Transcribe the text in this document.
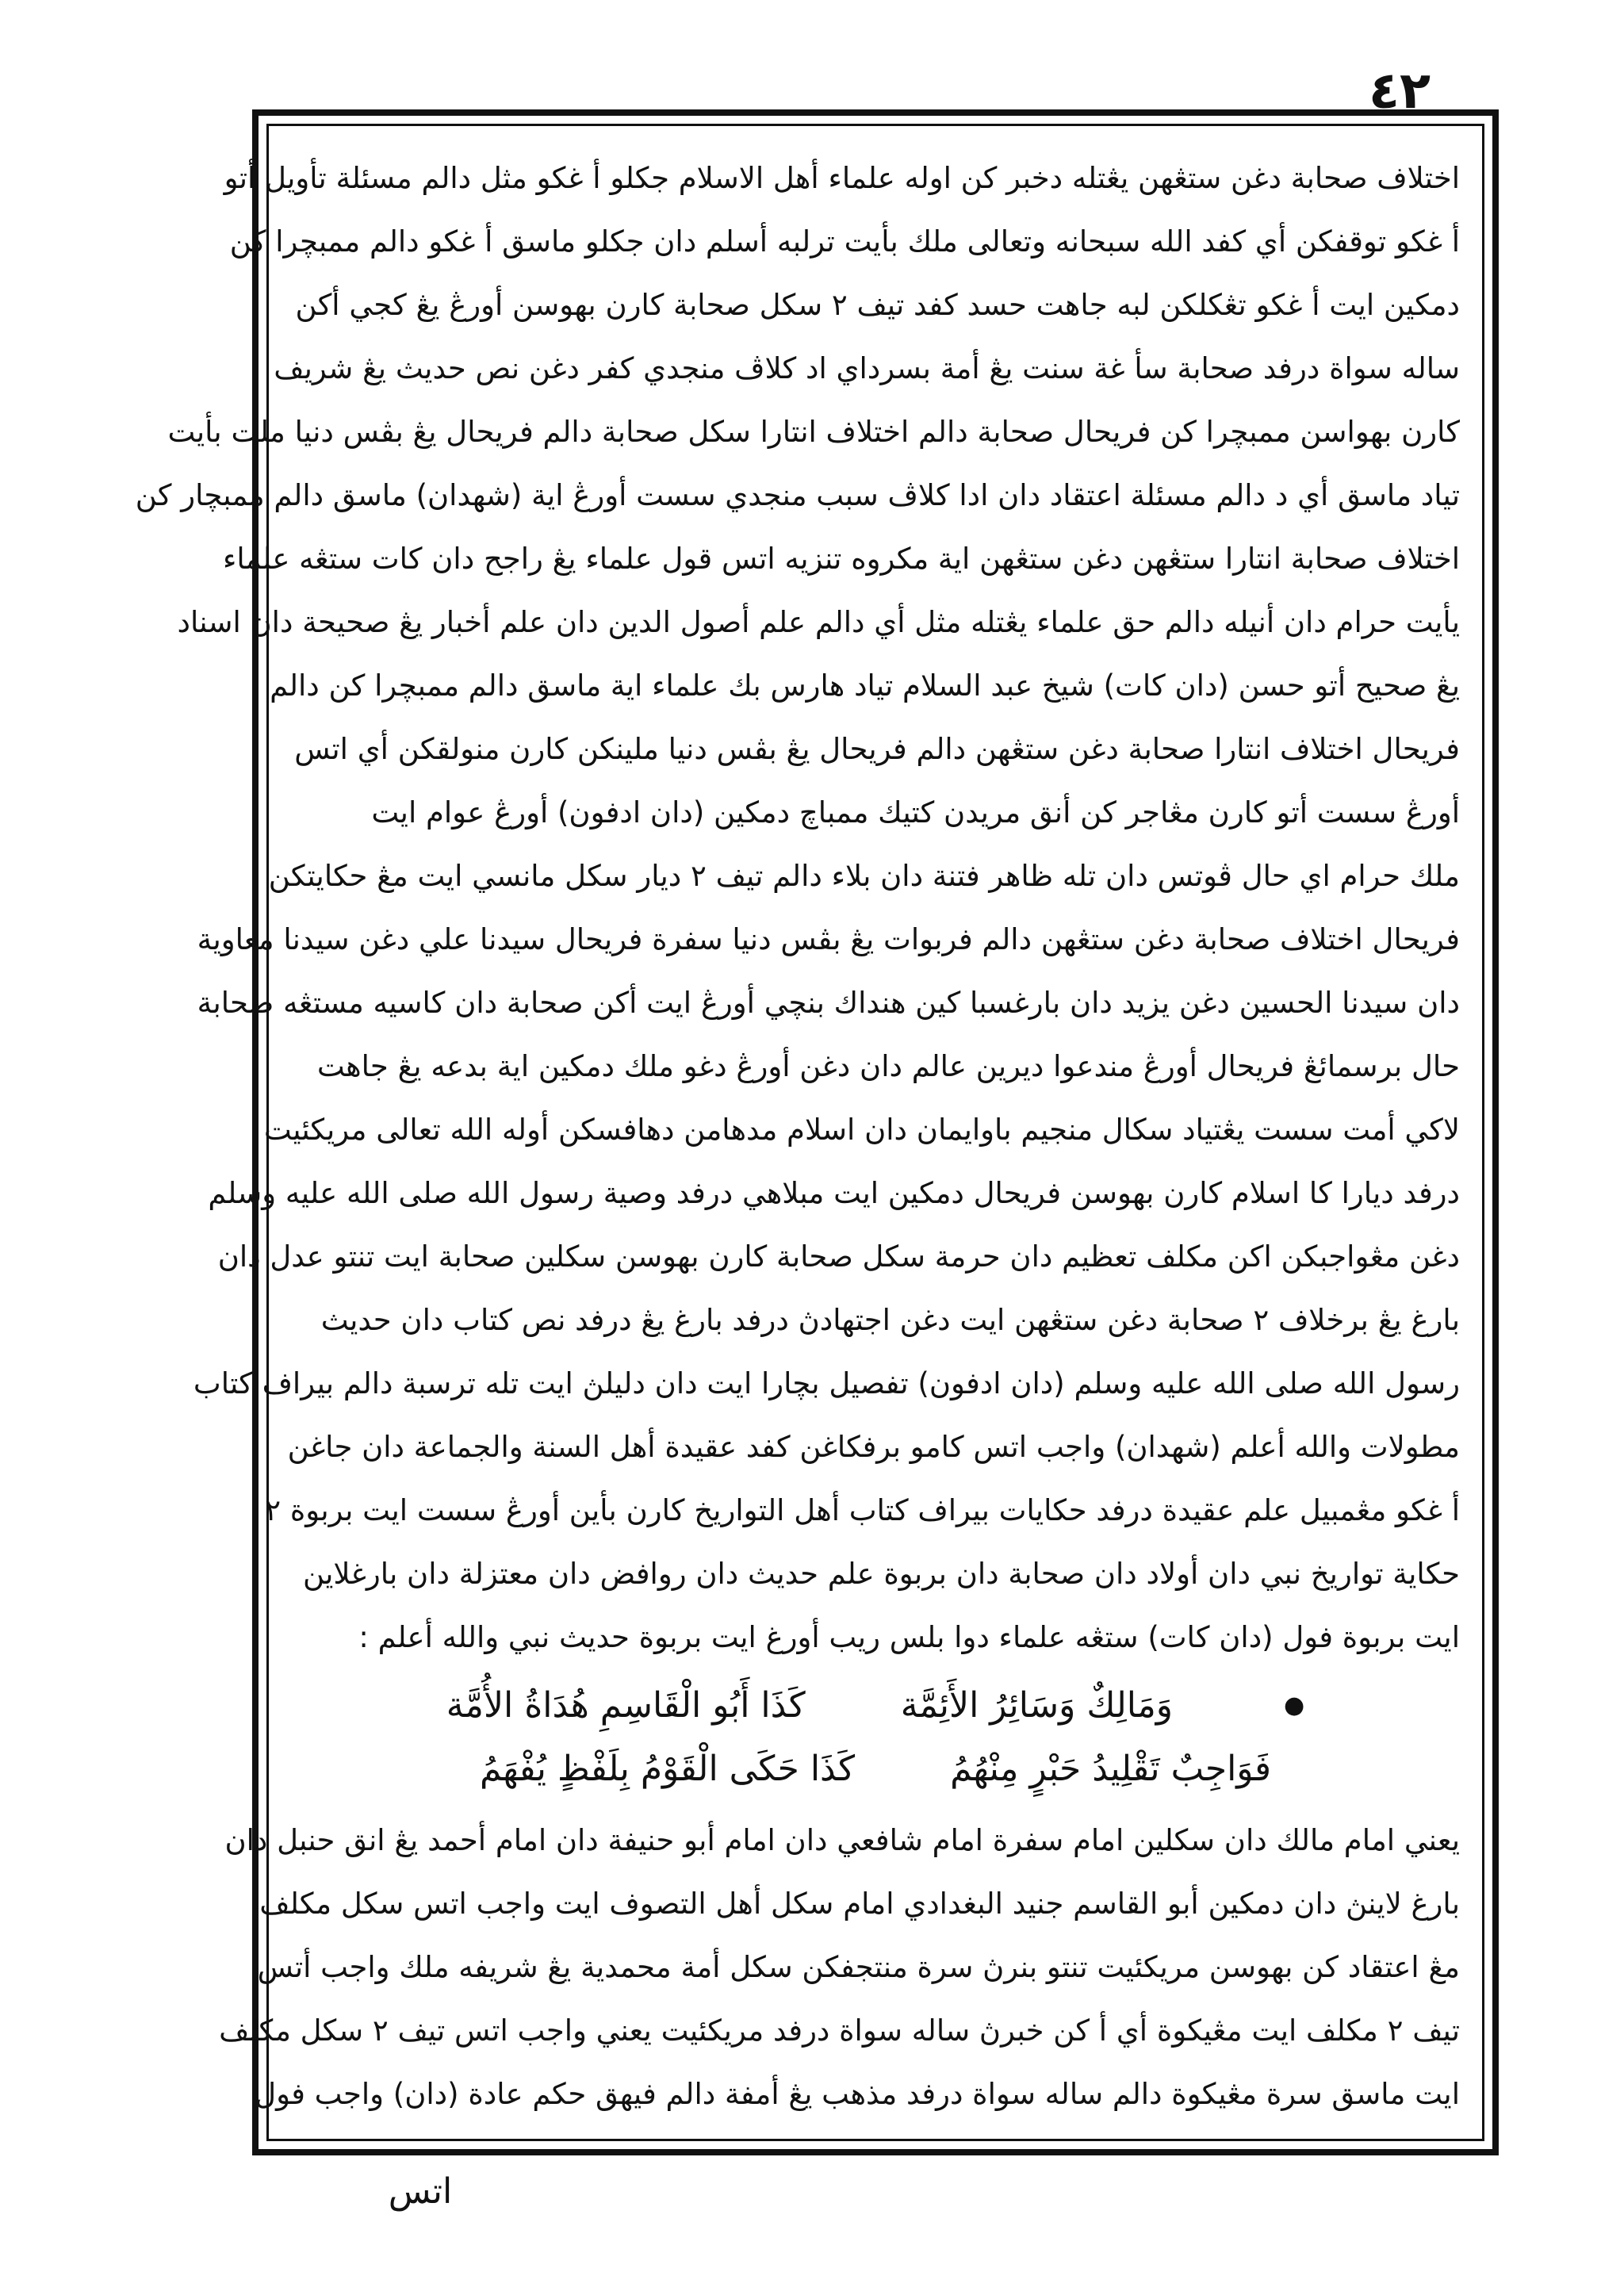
٤٢
اختلاف صحابة دغن ستڠهن يڠتله دخبر كن اوله علماء أهل الاسلام جكلو أ غكو مثل دالم مسئلة تأويل أتو
أ غكو توقفكن أي كفد الله سبحانه وتعالى ملك بأيت ترلبه أسلم دان جكلو ماسق أ غكو دالم ممبچرا كن
دمكين ايت أ غكو تڠكلكن لبه جاهت حسد كفد تيف ٢ سكل صحابة كارن بهوسن أورڠ يڠ كجي أكن
ساله سواة درفد صحابة سأ غة سنت يڠ أمة بسرداي اد كلاڤ منجدي كفر دغن نص حديث يڠ شريف
كارن بهواسن ممبچرا كن فريحال صحابة دالم اختلاف انتارا سكل صحابة دالم فريحال يڠ بڤس دنيا ملت بأيت
تياد ماسق أي د دالم مسئلة اعتقاد دان ادا كلاڤ سبب منجدي سست أورڠ اية (شهدان) ماسق دالم ممبچار كن
اختلاف صحابة انتارا ستڠهن دغن ستڠهن اية مكروه تنزيه اتس قول علماء يڠ راجح دان كات ستڠه علماء
يأيت حرام دان أنيله دالم حق علماء يڠتله مثل أي دالم علم أصول الدين دان علم أخبار يڠ صحيحة دان اسناد
يڠ صحيح أتو حسن (دان كات) شيخ عبد السلام تياد هارس بك علماء اية ماسق دالم ممبچرا كن دالم
فريحال اختلاف انتارا صحابة دغن ستڠهن دالم فريحال يڠ بڤس دنيا ملينكن كارن منولقكن أي اتس
أورڠ سست أتو كارن مڠاجر كن أنق مريدن كتيك ممباچ دمكين (دان ادفون) أورڠ عوام ايت
ملك حرام اي حال ڤوتس دان تله ظاهر فتنة دان بلاء دالم تيف ٢ ديار سكل مانسي ايت مڠ حكايتكن
فريحال اختلاف صحابة دغن ستڠهن دالم فربوات يڠ بڤس دنيا سفرة فريحال سيدنا علي دغن سيدنا معاوية
دان سيدنا الحسين دغن يزيد دان بارغسبا كين هنداك بنچي أورڠ ايت أكن صحابة دان كاسيه مستڠه صحابة
حال برسمائڠ فريحال أورڠ مندعوا ديرين عالم دان دغن أورڠ دغو ملك دمكين اية بدعه يڠ جاهت
لاكي أمت سست يڠتياد سكال منجيم باوايمان دان اسلام مدهامن دهافسكن أوله الله تعالى مريكئيت
درفد ديارا كا اسلام كارن بهوسن فريحال دمكين ايت مبلاهي درفد وصية رسول الله صلى الله عليه وسلم
دغن مڠواجبكن اكن مكلف تعظيم دان حرمة سكل صحابة كارن بهوسن سكلين صحابة ايت تنتو عدل دان
بارغ يڠ برخلاف ٢ صحابة دغن ستڠهن ايت دغن اجتهادڽ درفد بارغ يڠ درفد نص كتاب دان حديث
رسول الله صلى الله عليه وسلم (دان ادفون) تفصيل بچارا ايت دان دليلڽ ايت تله ترسبة دالم بيراف كتاب
مطولات والله أعلم (شهدان) واجب اتس كامو برفكاغن كفد عقيدة أهل السنة والجماعة دان جاغن
أ غكو مڠمبيل علم عقيدة درفد حكايات بيراف كتاب أهل التواريخ كارن بأين أورڠ سست ايت بربوة ٢
حكاية تواريخ نبي دان أولاد دان صحابة دان بربوة علم حديث دان روافض دان معتزلة دان بارغلاين
ايت بربوة فول (دان كات) ستڠه علماء دوا بلس ريب أورغ ايت بربوة حديث نبي والله أعلم :
●
وَمَالِكٌ وَسَائِرُ الأَئِمَّة
كَذَا أَبُو الْقَاسِمِ هُدَاةُ الأُمَّة
فَوَاجِبٌ تَقْلِيدُ حَبْرٍ مِنْهُمُ
كَذَا حَكَى الْقَوْمُ بِلَفْظٍ يُفْهَمُ
يعني امام مالك دان سكلين امام سفرة امام شافعي دان امام أبو حنيفة دان امام أحمد يڠ انق حنبل دان
بارغ لاينڽ دان دمكين أبو القاسم جنيد البغدادي امام سكل أهل التصوف ايت واجب اتس سكل مكلف
مڠ اعتقاد كن بهوسن مريكئيت تنتو بنرڽ سرة منتجفكن سكل أمة محمدية يڠ شريفه ملك واجب أتس
تيف ٢ مكلف ايت مڠيكوة أي أ كن خبرڽ ساله سواة درفد مريكئيت يعني واجب اتس تيف ٢ سكل مكلف
ايت ماسق سرة مڠيكوة دالم ساله سواة درفد مذهب يڠ أمفة دالم فيهق حكم عادة (دان) واجب فول
اتس
